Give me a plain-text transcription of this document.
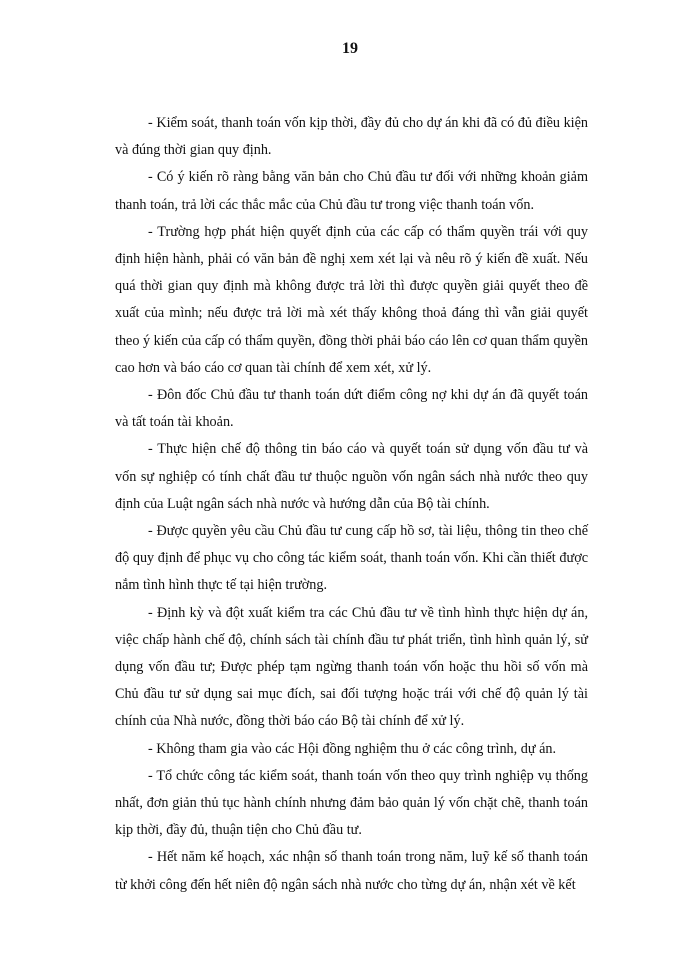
19

- Kiểm soát, thanh toán vốn kịp thời, đầy đủ cho dự án khi đã có đủ điều kiện và đúng thời gian quy định.

- Có ý kiến rõ ràng bằng văn bản cho Chủ đầu tư đối với những khoản giảm thanh toán, trả lời các thắc mắc của Chủ đầu tư trong việc thanh toán vốn.

- Trường hợp phát hiện quyết định của các cấp có thẩm quyền trái với quy định hiện hành, phải có văn bản đề nghị xem xét lại và nêu rõ ý kiến đề xuất. Nếu quá thời gian quy định mà không được trả lời thì được quyền giải quyết theo đề xuất của mình; nếu được trả lời mà xét thấy không thoả đáng thì vẫn giải quyết theo ý kiến của cấp có thẩm quyền, đồng thời phải báo cáo lên cơ quan thẩm quyền cao hơn và báo cáo cơ quan tài chính để xem xét, xử lý.

- Đôn đốc Chủ đầu tư thanh toán dứt điểm công nợ khi dự án đã quyết toán và tất toán tài khoản.

- Thực hiện chế độ thông tin báo cáo và quyết toán sử dụng vốn đầu tư và vốn sự nghiệp có tính chất đầu tư thuộc nguồn vốn ngân sách nhà nước theo quy định của Luật ngân sách nhà nước và hướng dẫn của Bộ tài chính.

- Được quyền yêu cầu Chủ đầu tư cung cấp hồ sơ, tài liệu, thông tin theo chế độ quy định để phục vụ cho công tác kiểm soát, thanh toán vốn. Khi cần thiết được nắm tình hình thực tế tại hiện trường.

- Định kỳ và đột xuất kiểm tra các Chủ đầu tư về tình hình thực hiện dự án, việc chấp hành chế độ, chính sách tài chính đầu tư phát triển, tình hình quản lý, sử dụng vốn đầu tư; Được phép tạm ngừng thanh toán vốn hoặc thu hồi số vốn mà Chủ đầu tư sử dụng sai mục đích, sai đối tượng hoặc trái với chế độ quản lý tài chính của Nhà nước, đồng thời báo cáo Bộ tài chính để xử lý.

- Không tham gia vào các Hội đồng nghiệm thu ở các công trình, dự án.

- Tổ chức công tác kiểm soát, thanh toán vốn theo quy trình nghiệp vụ thống nhất, đơn giản thủ tục hành chính nhưng đảm bảo quản lý vốn chặt chẽ, thanh toán kịp thời, đầy đủ, thuận tiện cho Chủ đầu tư.

- Hết năm kế hoạch, xác nhận số thanh toán trong năm, luỹ kế số thanh toán từ khởi công đến hết niên độ ngân sách nhà nước cho từng dự án, nhận xét về kết
